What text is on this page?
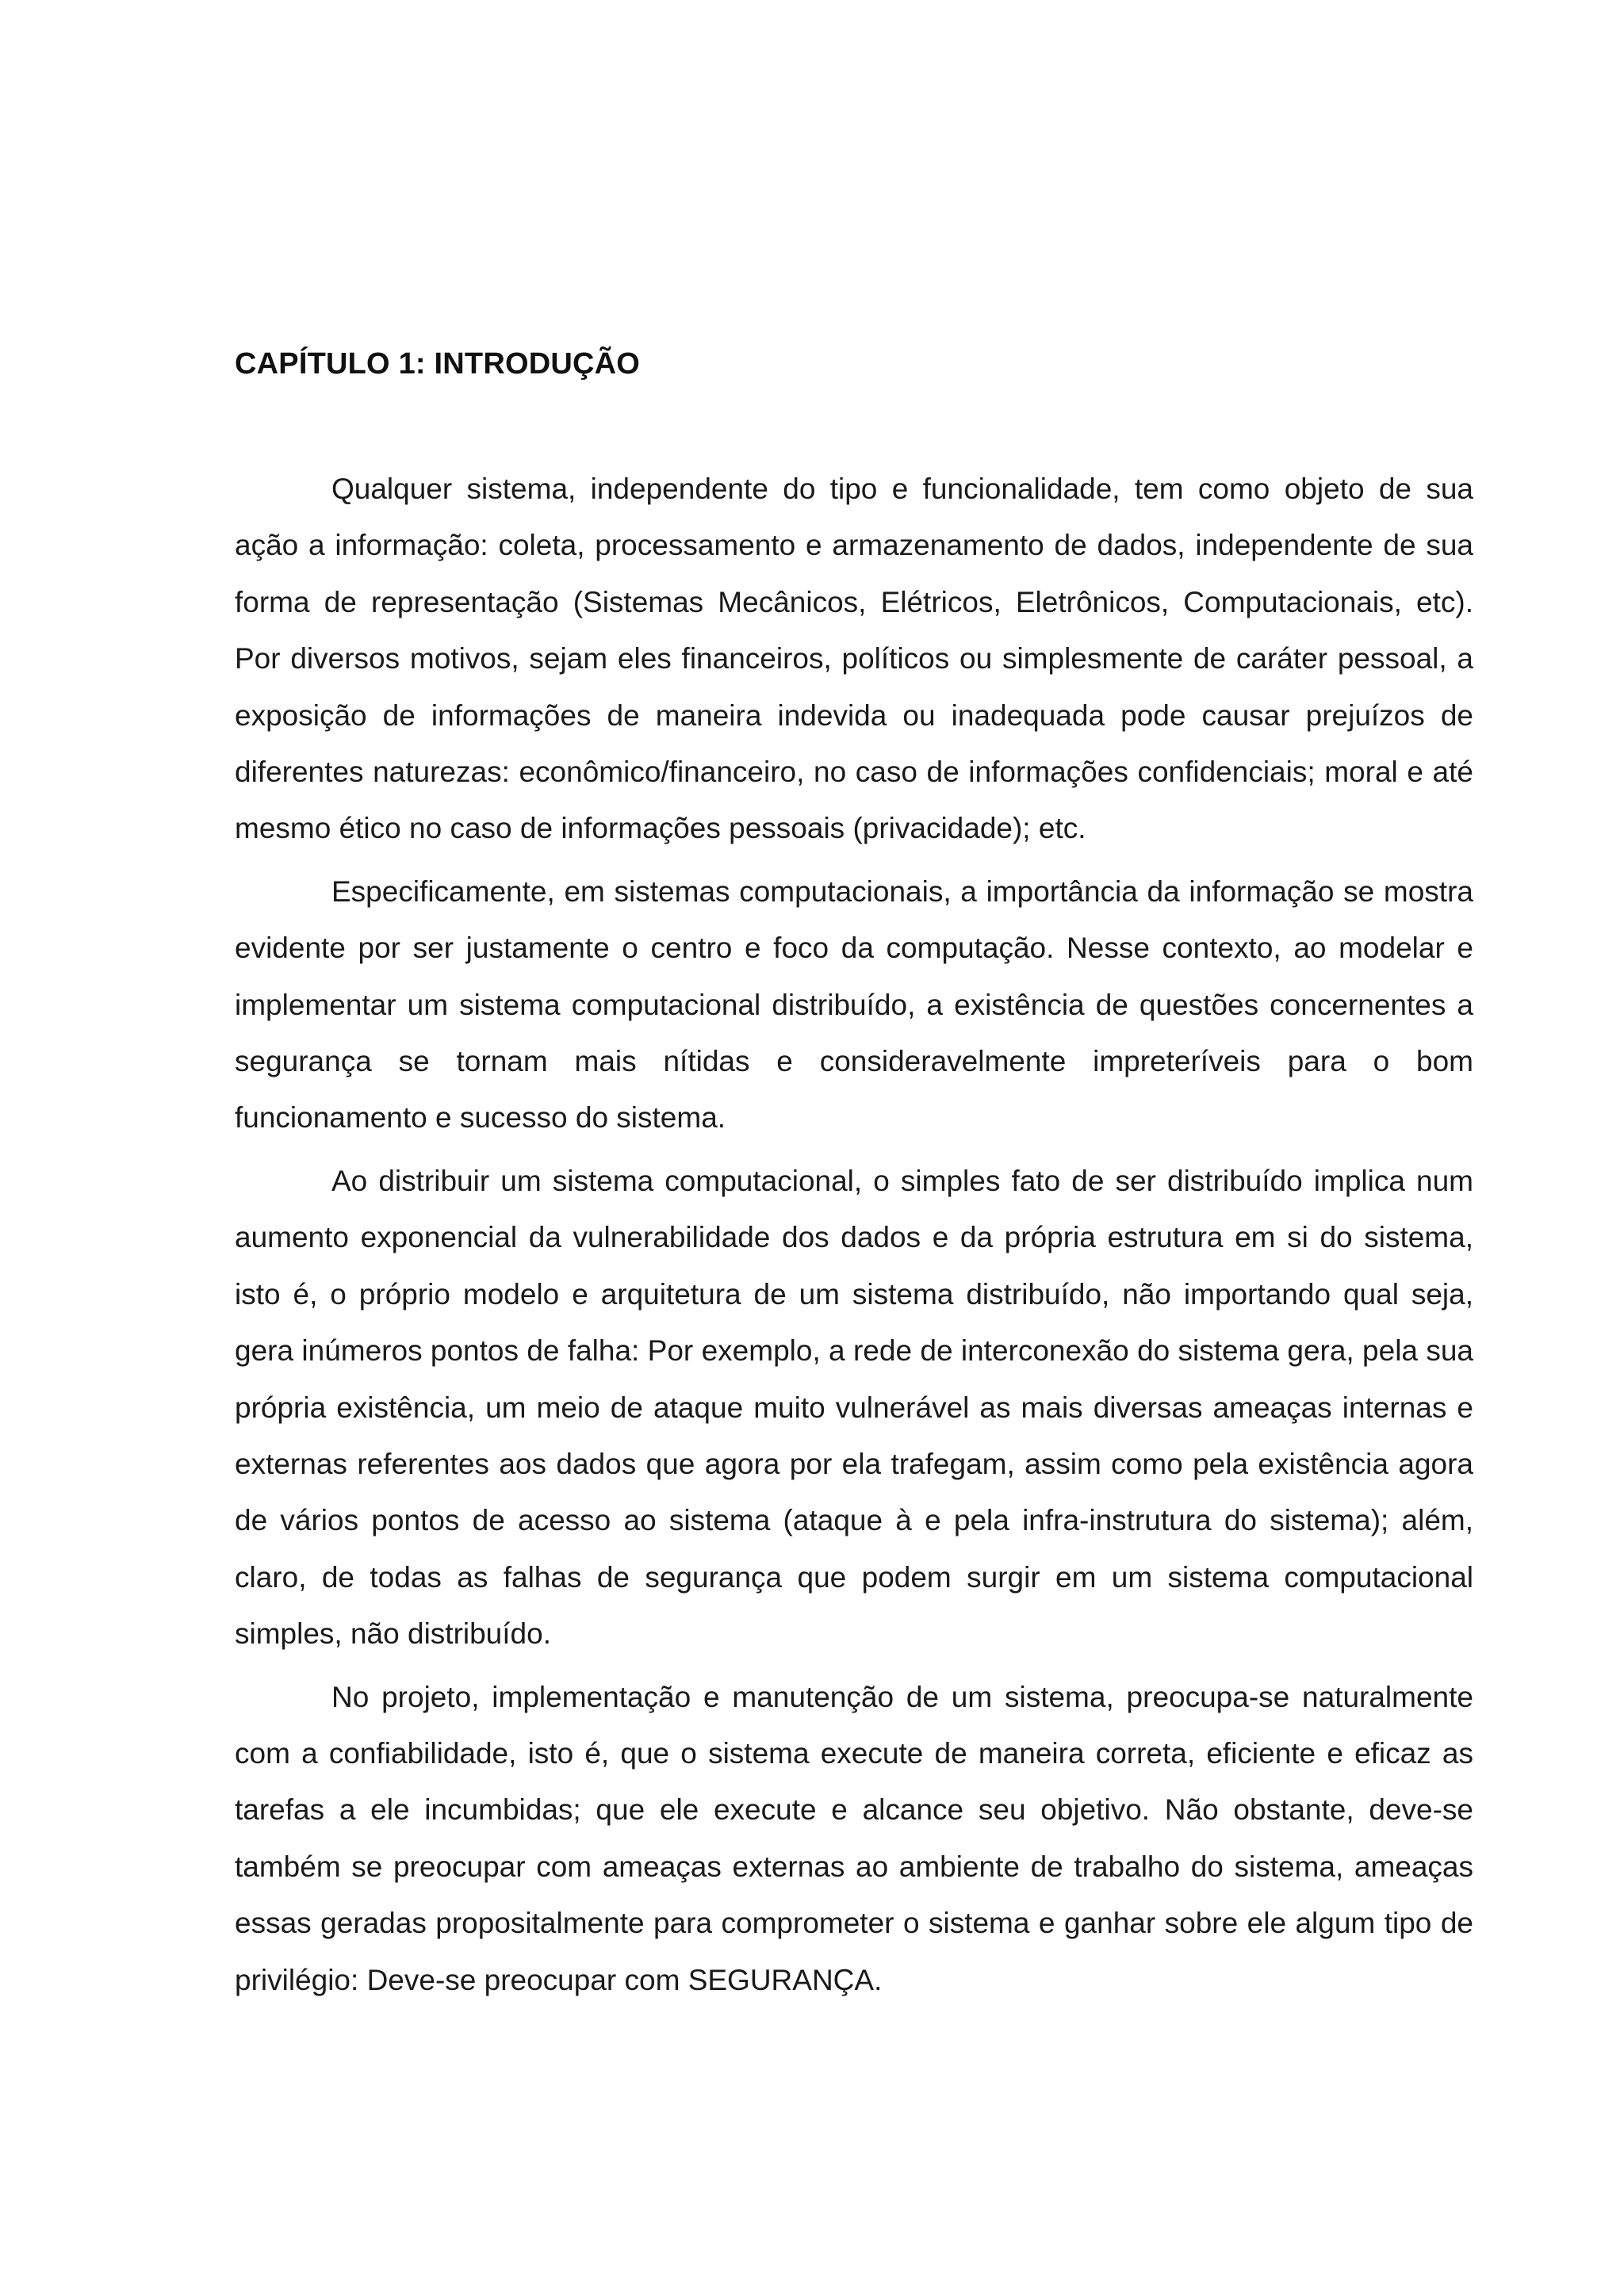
CAPÍTULO 1: INTRODUÇÃO

Qualquer sistema, independente do tipo e funcionalidade, tem como objeto de sua ação a informação: coleta, processamento e armazenamento de dados, independente de sua forma de representação (Sistemas Mecânicos, Elétricos, Eletrônicos, Computacionais, etc). Por diversos motivos, sejam eles financeiros, políticos ou simplesmente de caráter pessoal, a exposição de informações de maneira indevida ou inadequada pode causar prejuízos de diferentes naturezas: econômico/financeiro, no caso de informações confidenciais; moral e até mesmo ético no caso de informações pessoais (privacidade); etc.

Especificamente, em sistemas computacionais, a importância da informação se mostra evidente por ser justamente o centro e foco da computação. Nesse contexto, ao modelar e implementar um sistema computacional distribuído, a existência de questões concernentes a segurança se tornam mais nítidas e consideravelmente impreteríveis para o bom funcionamento e sucesso do sistema.

Ao distribuir um sistema computacional, o simples fato de ser distribuído implica num aumento exponencial da vulnerabilidade dos dados e da própria estrutura em si do sistema, isto é, o próprio modelo e arquitetura de um sistema distribuído, não importando qual seja, gera inúmeros pontos de falha: Por exemplo, a rede de interconexão do sistema gera, pela sua própria existência, um meio de ataque muito vulnerável as mais diversas ameaças internas e externas referentes aos dados que agora por ela trafegam, assim como pela existência agora de vários pontos de acesso ao sistema (ataque à e pela infra-instrutura do sistema); além, claro, de todas as falhas de segurança que podem surgir em um sistema computacional simples, não distribuído.

No projeto, implementação e manutenção de um sistema, preocupa-se naturalmente com a confiabilidade, isto é, que o sistema execute de maneira correta, eficiente e eficaz as tarefas a ele incumbidas; que ele execute e alcance seu objetivo. Não obstante, deve-se também se preocupar com ameaças externas ao ambiente de trabalho do sistema, ameaças essas geradas propositalmente para comprometer o sistema e ganhar sobre ele algum tipo de privilégio: Deve-se preocupar com SEGURANÇA.
